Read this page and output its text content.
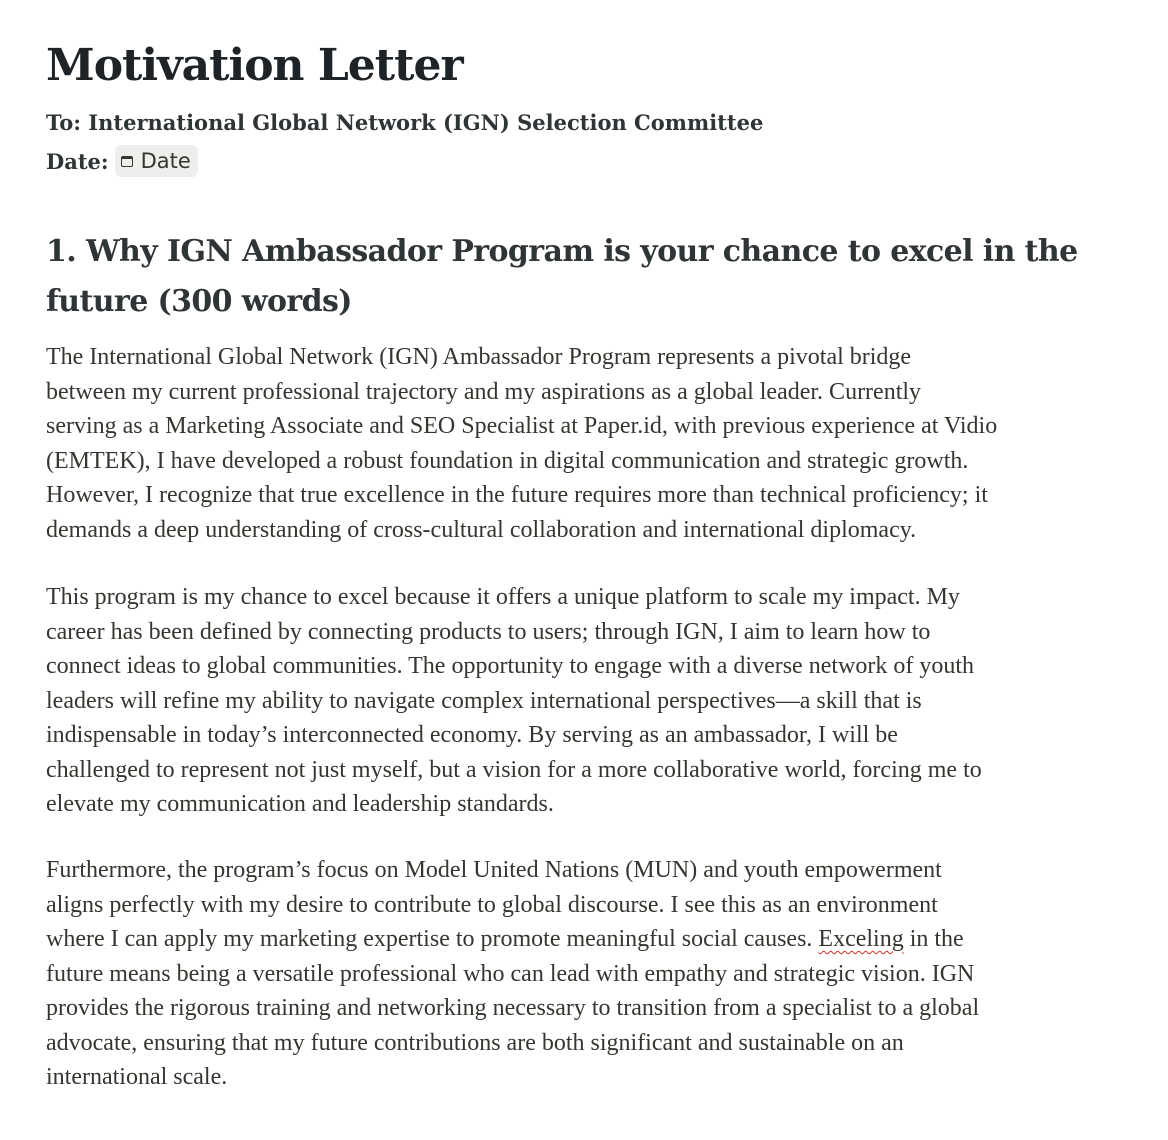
Motivation Letter
To: International Global Network (IGN) Selection Committee
Date: Date
1. Why IGN Ambassador Program is your chance to excel in the future (300 words)

The International Global Network (IGN) Ambassador Program represents a pivotal bridge
between my current professional trajectory and my aspirations as a global leader. Currently
serving as a Marketing Associate and SEO Specialist at Paper.id, with previous experience at Vidio
(EMTEK), I have developed a robust foundation in digital communication and strategic growth.
However, I recognize that true excellence in the future requires more than technical proficiency; it
demands a deep understanding of cross-cultural collaboration and international diplomacy.

This program is my chance to excel because it offers a unique platform to scale my impact. My
career has been defined by connecting products to users; through IGN, I aim to learn how to
connect ideas to global communities. The opportunity to engage with a diverse network of youth
leaders will refine my ability to navigate complex international perspectives—a skill that is
indispensable in today’s interconnected economy. By serving as an ambassador, I will be
challenged to represent not just myself, but a vision for a more collaborative world, forcing me to
elevate my communication and leadership standards.

Furthermore, the program’s focus on Model United Nations (MUN) and youth empowerment
aligns perfectly with my desire to contribute to global discourse. I see this as an environment
where I can apply my marketing expertise to promote meaningful social causes. Exceling in the
future means being a versatile professional who can lead with empathy and strategic vision. IGN
provides the rigorous training and networking necessary to transition from a specialist to a global
advocate, ensuring that my future contributions are both significant and sustainable on an
international scale.
